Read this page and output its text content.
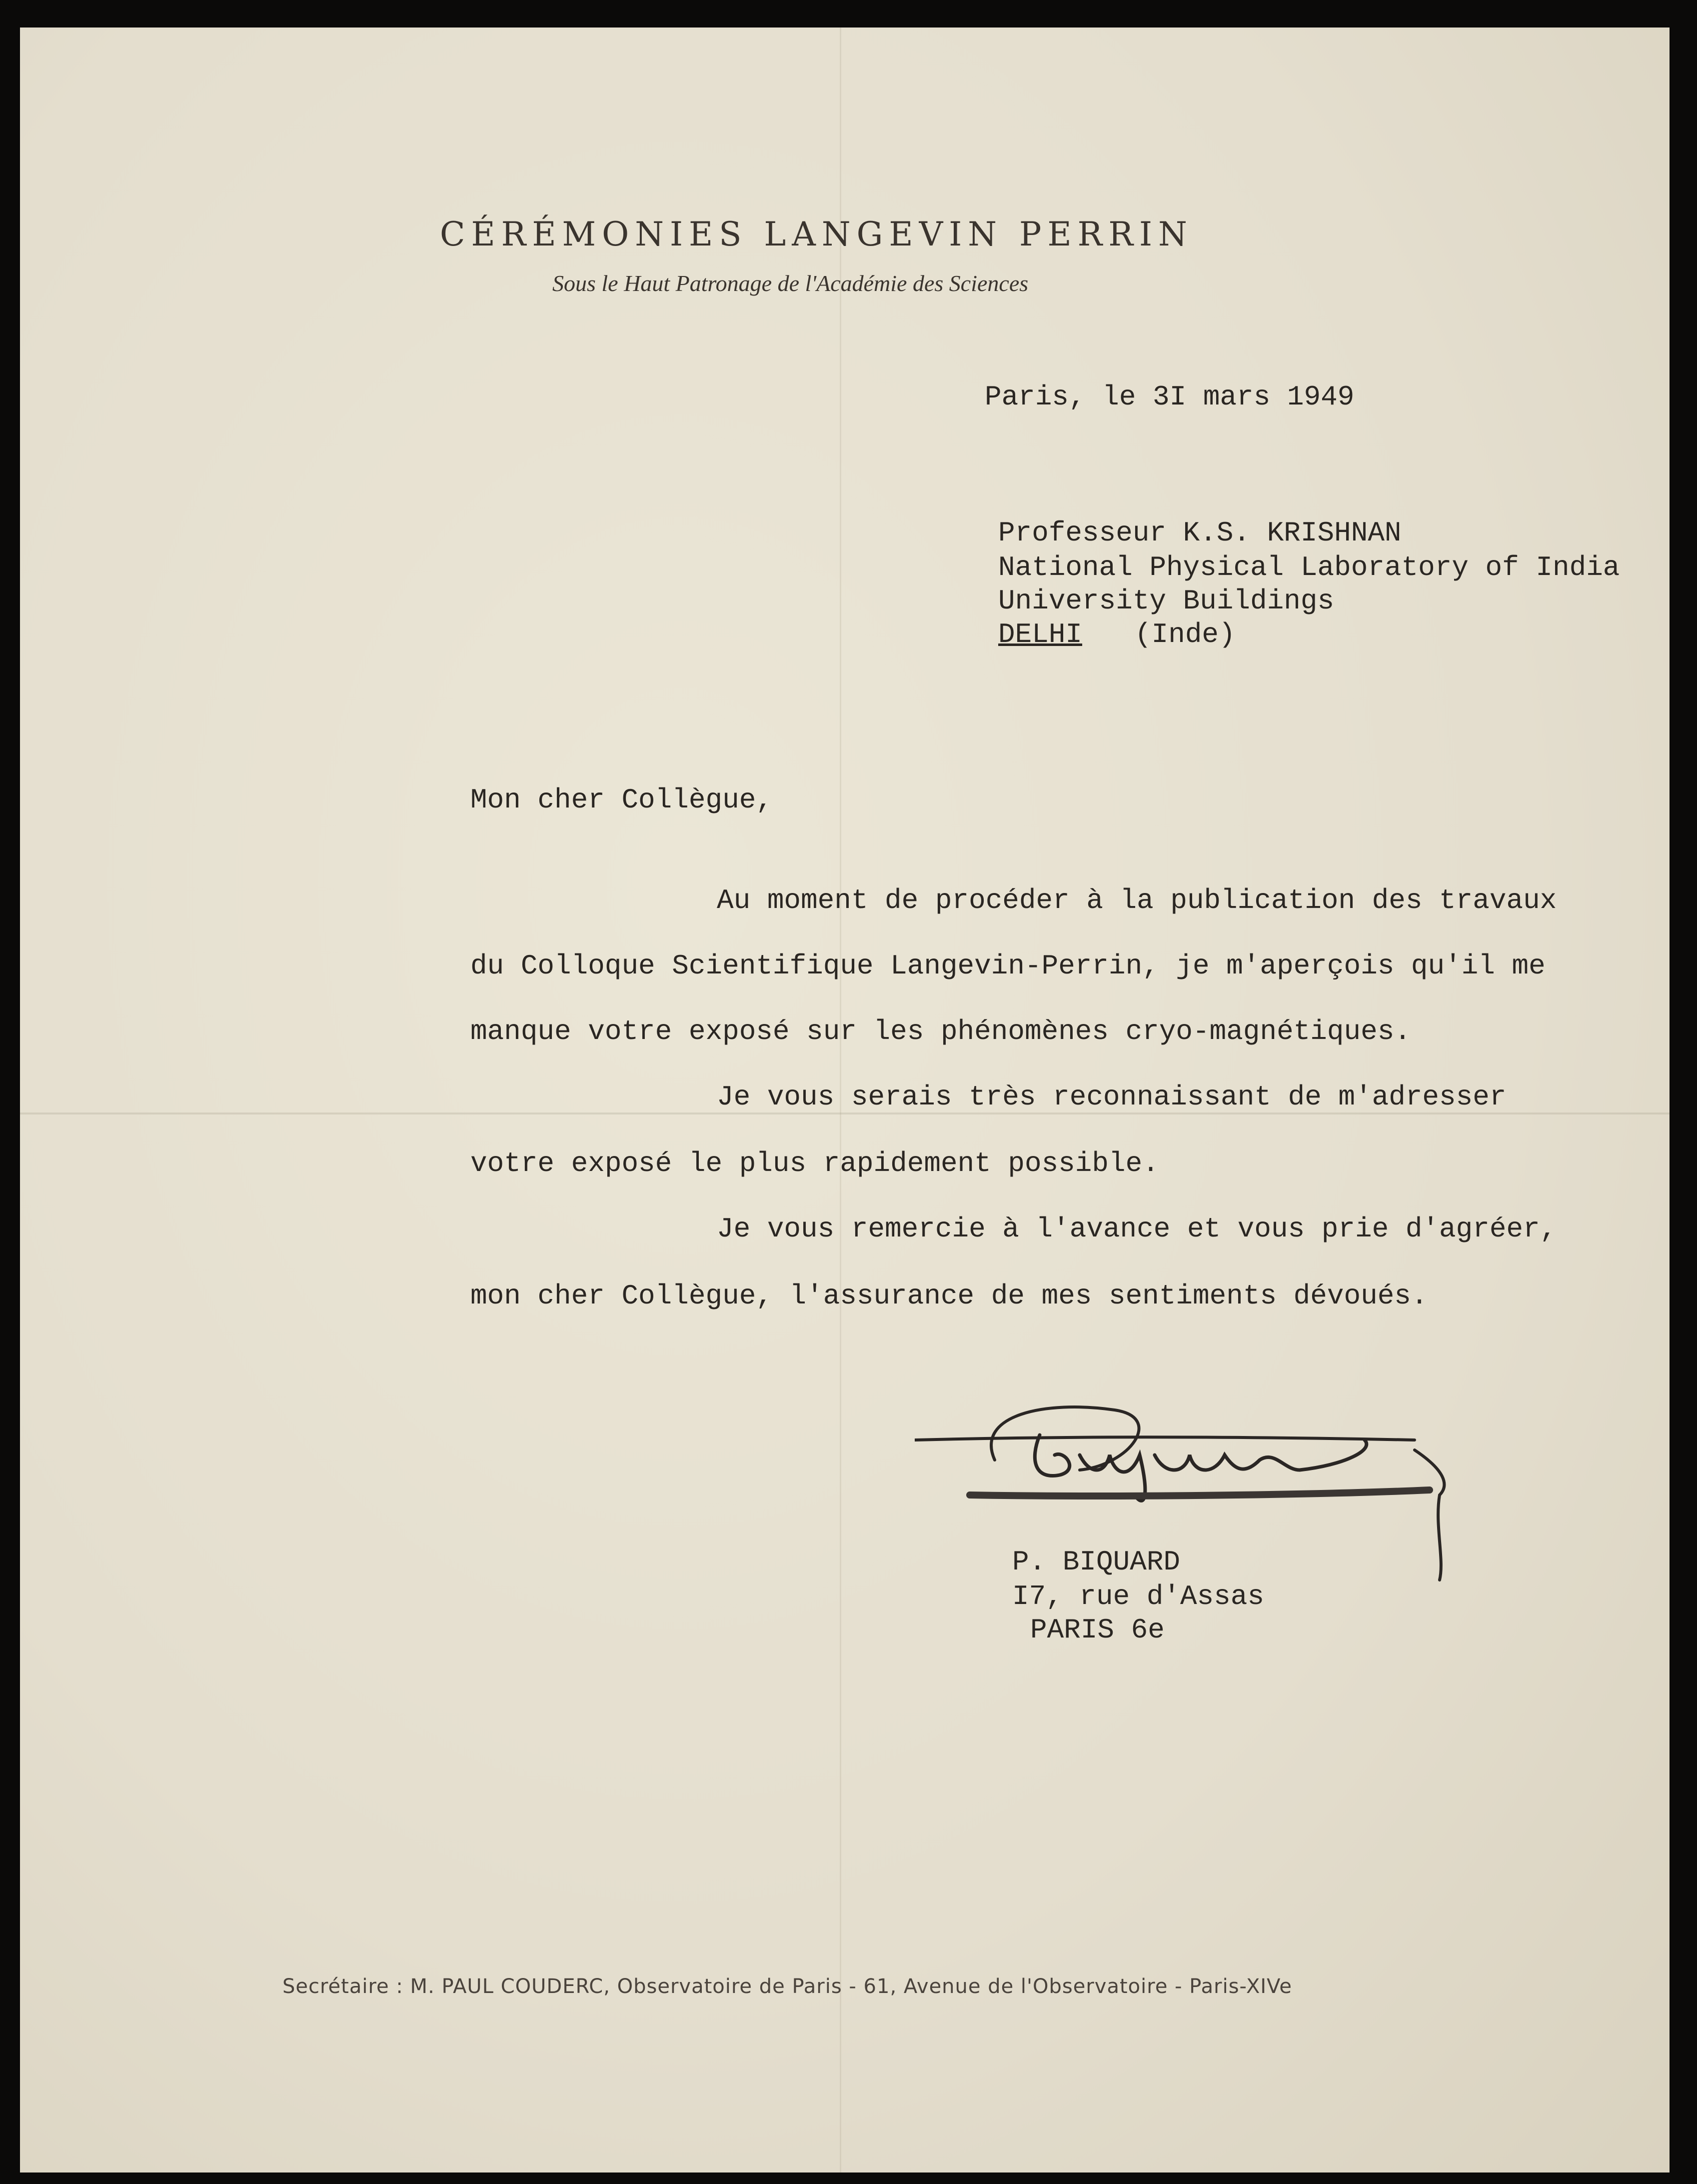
CÉRÉMONIES LANGEVIN PERRIN
Sous le Haut Patronage de l'Académie des Sciences
Paris, le 3I mars 1949
Professeur K.S. KRISHNAN
National Physical Laboratory of India
University Buildings
DELHI (Inde)
Mon cher Collègue,
Au moment de procéder à la publication des travaux
du Colloque Scientifique Langevin-Perrin, je m'aperçois qu'il me
manque votre exposé sur les phénomènes cryo-magnétiques.
Je vous serais très reconnaissant de m'adresser
votre exposé le plus rapidement possible.
Je vous remercie à l'avance et vous prie d'agréer,
mon cher Collègue, l'assurance de mes sentiments dévoués.
P. BIQUARD
I7, rue d'Assas
PARIS 6e
Secrétaire : M. PAUL COUDERC, Observatoire de Paris - 61, Avenue de l'Observatoire - Paris-XIVe
